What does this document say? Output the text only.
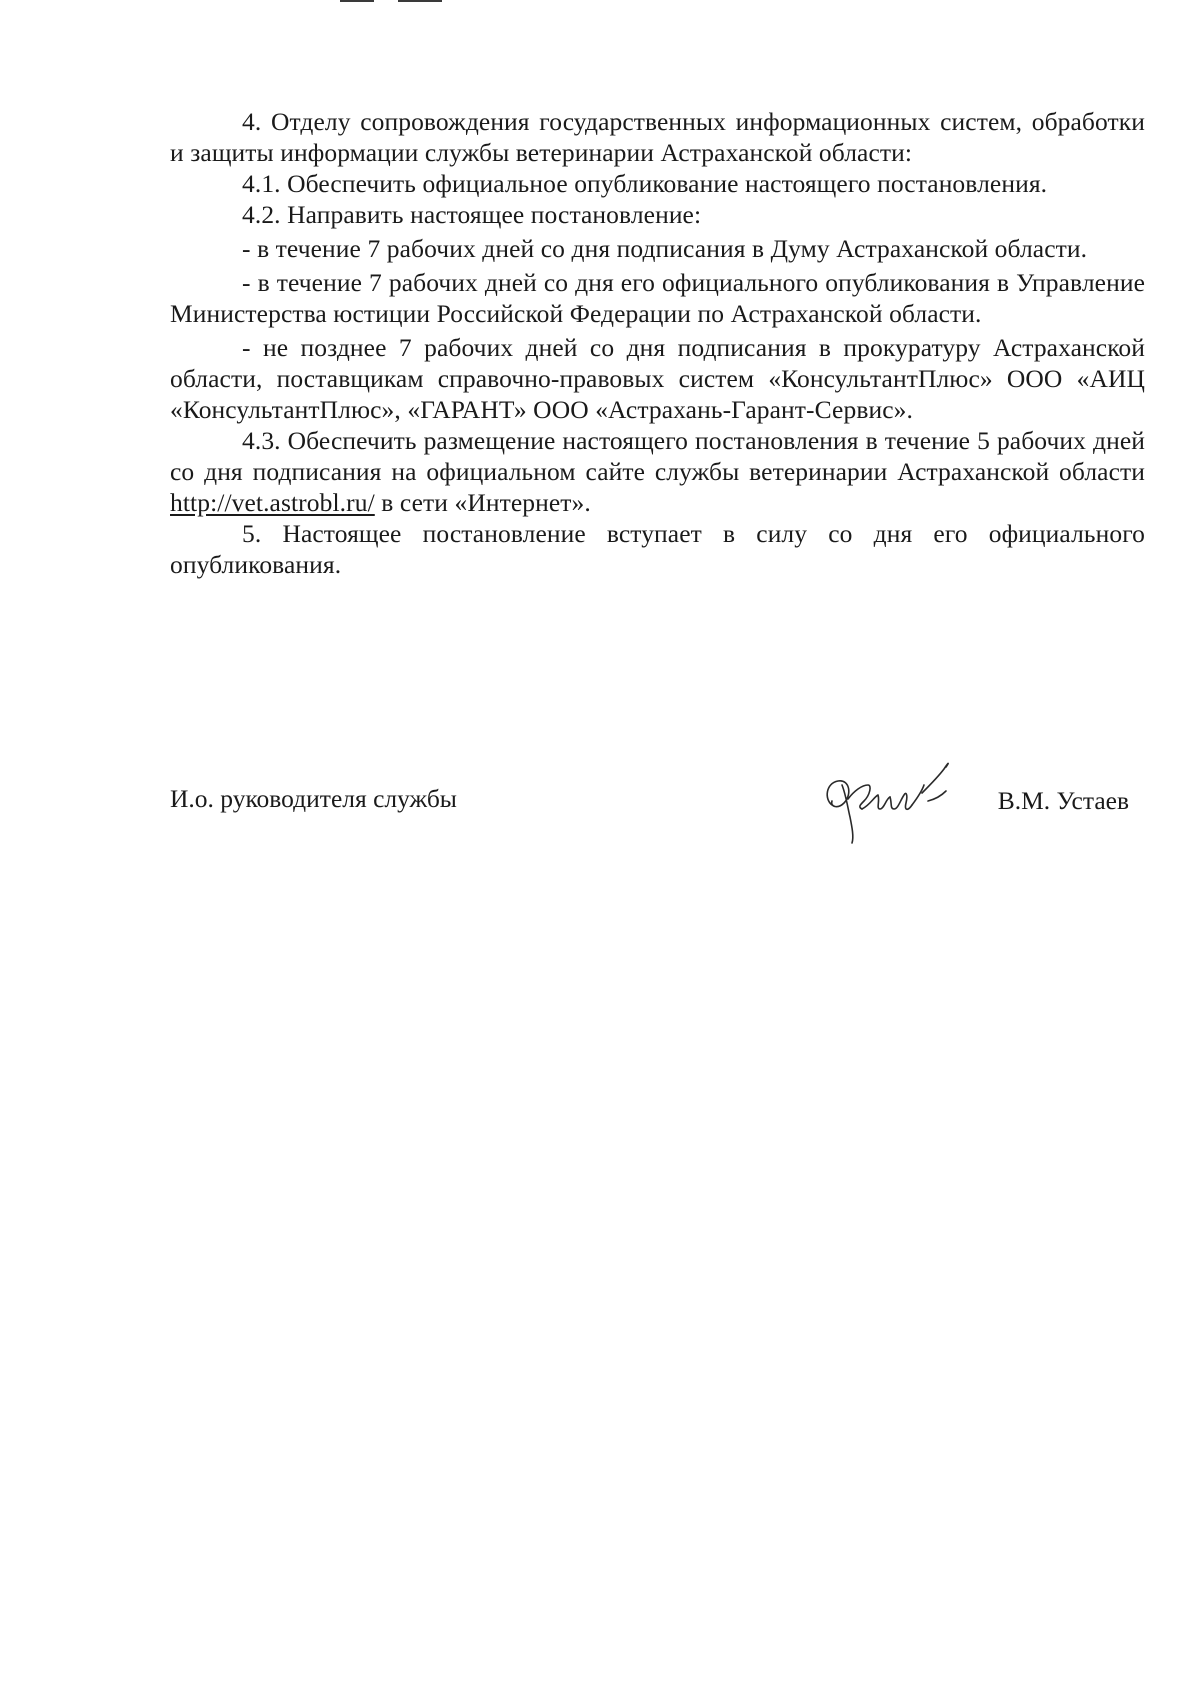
4. Отделу сопровождения государственных информационных систем, обработки и защиты информации службы ветеринарии Астраханской области:

4.1. Обеспечить официальное опубликование настоящего постановления.

4.2. Направить настоящее постановление:

- в течение 7 рабочих дней со дня подписания в Думу Астраханской области.

- в течение 7 рабочих дней со дня его официального опубликования в Управление Министерства юстиции Российской Федерации по Астраханской области.

- не позднее 7 рабочих дней со дня подписания в прокуратуру Астраханской области, поставщикам справочно-правовых систем «КонсультантПлюс» ООО «АИЦ «КонсультантПлюс», «ГАРАНТ» ООО «Астрахань-Гарант-Сервис».

4.3. Обеспечить размещение настоящего постановления в течение 5 рабочих дней со дня подписания на официальном сайте службы ветеринарии Астраханской области http://vet.astrobl.ru/ в сети «Интернет».

5. Настоящее постановление вступает в силу со дня его официального опубликования.

И.о. руководителя службы	В.М. Устаев
